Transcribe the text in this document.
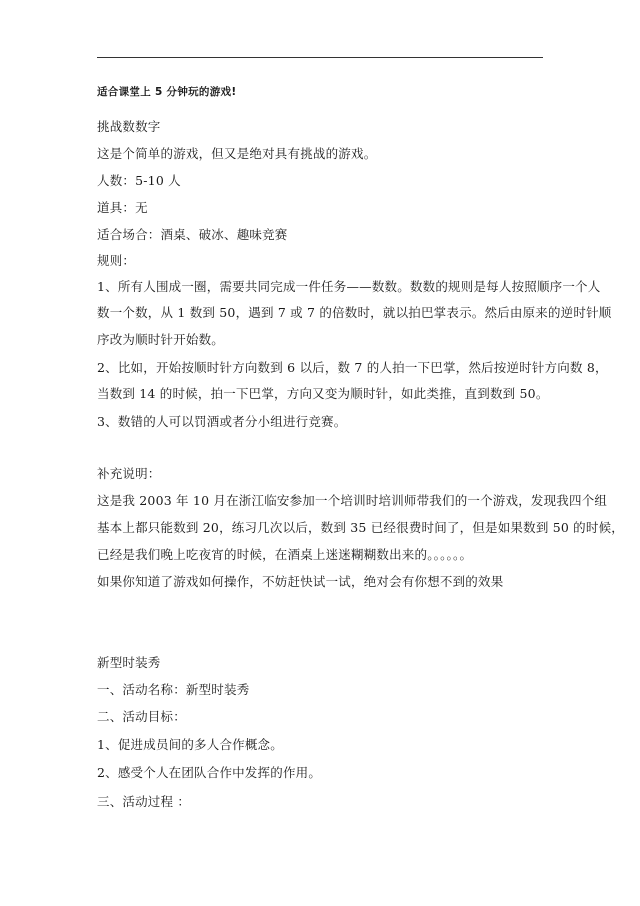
适合课堂上 5 分钟玩的游戏!
挑战数数字
这是个简单的游戏，但又是绝对具有挑战的游戏。
人数：5-10 人
道具：无
适合场合：酒桌、破冰、趣味竞赛
规则：
1、所有人围成一圈，需要共同完成一件任务——数数。数数的规则是每人按照顺序一个人
数一个数，从 1 数到 50，遇到 7 或 7 的倍数时，就以拍巴掌表示。然后由原来的逆时针顺
序改为顺时针开始数。
2、比如，开始按顺时针方向数到 6 以后，数 7 的人拍一下巴掌，然后按逆时针方向数 8，
当数到 14 的时候，拍一下巴掌，方向又变为顺时针，如此类推，直到数到 50。
3、数错的人可以罚酒或者分小组进行竞赛。
补充说明：
这是我 2003 年 10 月在浙江临安参加一个培训时培训师带我们的一个游戏，发现我四个组
基本上都只能数到 20，练习几次以后，数到 35 已经很费时间了，但是如果数到 50 的时候，
已经是我们晚上吃夜宵的时候，在酒桌上迷迷糊糊数出来的。。。。。。
如果你知道了游戏如何操作，不妨赶快试一试，绝对会有你想不到的效果
新型时装秀
一、活动名称：新型时装秀
二、活动目标：
1、促进成员间的多人合作概念。
2、感受个人在团队合作中发挥的作用。
三、活动过程 ：
